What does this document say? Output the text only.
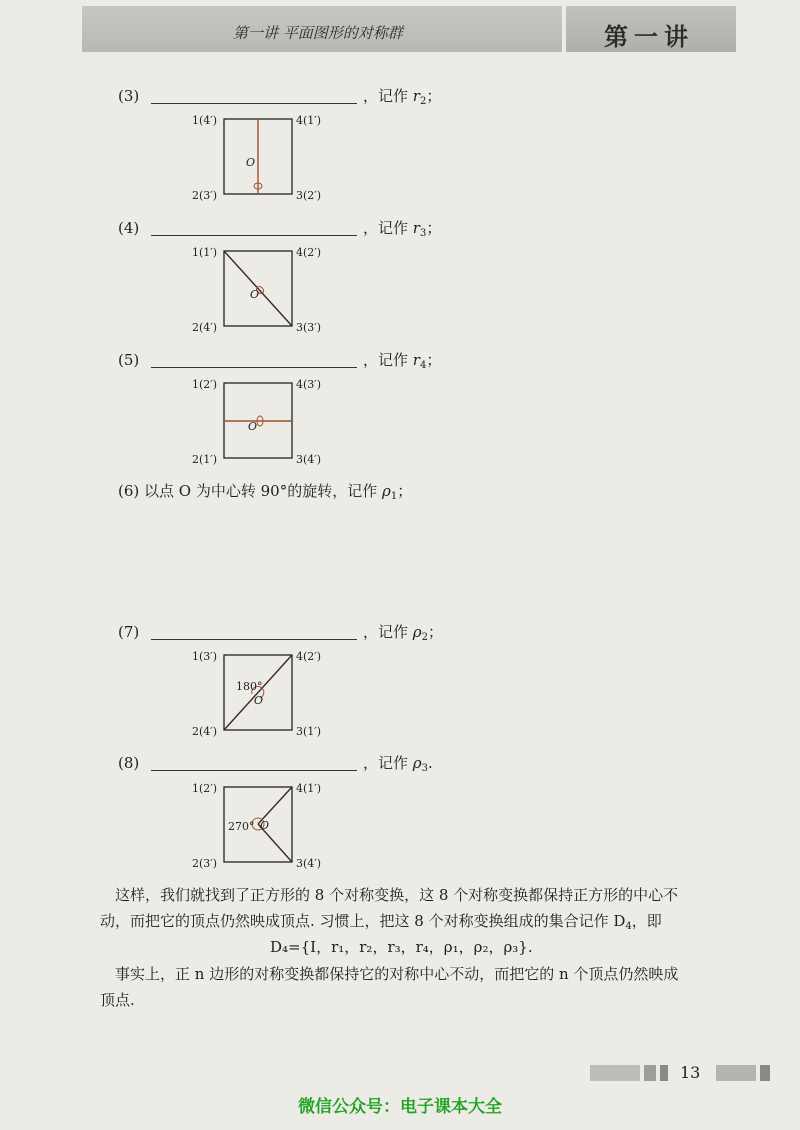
第一讲 平面图形的对称群	第一讲
(3)	，记作 $r_2$；
1(4′)	4(1′)
2(3′)	3(2′)
O
(4)	，记作 $r_3$；
1(1′)	4(2′)
2(4′)	3(3′)
O
(5)	，记作 $r_4$；
1(2′)	4(3′)
2(1′)	3(4′)
O
(6) 以点 O 为中心转 90°的旋转，记作 $\rho_1$；
(7)	，记作 $\rho_2$；
1(3′)	4(2′)
2(4′)	3(1′)
180°
O
(8)	，记作 $\rho_3$.
1(2′)	4(1′)
2(3′)	3(4′)
270° O
这样，我们就找到了正方形的 8 个对称变换，这 8 个对称变换都保持正方形的中心不
动，而把它的顶点仍然映成顶点. 习惯上，把这 8 个对称变换组成的集合记作 $D_4$，即
D₄={I，r₁，r₂，r₃，r₄，ρ₁，ρ₂，ρ₃}.
事实上，正 n 边形的对称变换都保持它的对称中心不动，而把它的 n 个顶点仍然映成
顶点.
13
微信公众号：电子课本大全
